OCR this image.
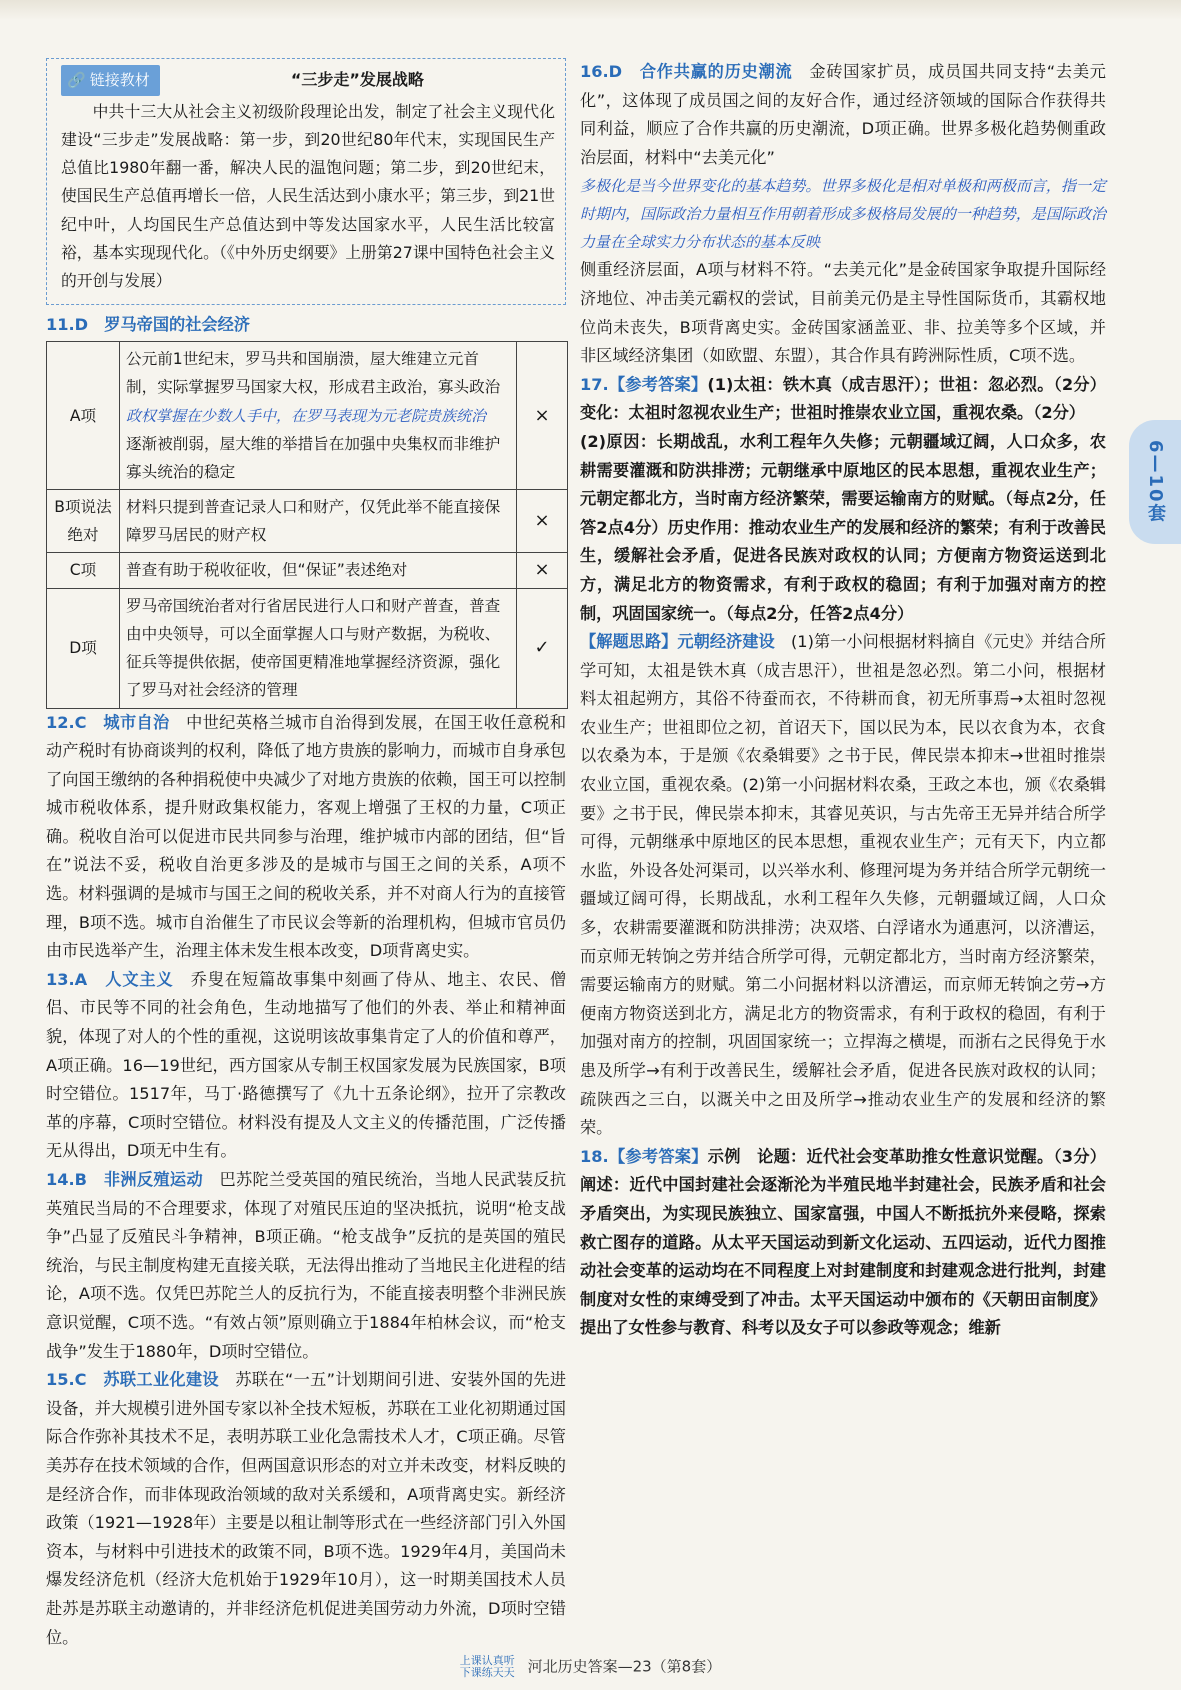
🔗 链接教材	“三步走”发展战略

中共十三大从社会主义初级阶段理论出发，制定了社会主义现代化建设“三步走”发展战略：第一步，到20世纪80年代末，实现国民生产总值比1980年翻一番，解决人民的温饱问题；第二步，到20世纪末，使国民生产总值再增长一倍，人民生活达到小康水平；第三步，到21世纪中叶，人均国民生产总值达到中等发达国家水平，人民生活比较富裕，基本实现现代化。（《中外历史纲要》上册第27课中国特色社会主义的开创与发展）

11.D　罗马帝国的社会经济
A项	公元前1世纪末，罗马共和国崩溃，屋大维建立元首制，实际掌握罗马国家大权，形成君主政治，寡头政治
政权掌握在少数人手中，在罗马表现为元老院贵族统治
逐渐被削弱，屋大维的举措旨在加强中央集权而非维护寡头统治的稳定	×
B项说法绝对	材料只提到普查记录人口和财产，仅凭此举不能直接保障罗马居民的财产权	×
C项	普查有助于税收征收，但“保证”表述绝对	×
D项	罗马帝国统治者对行省居民进行人口和财产普查，普查由中央领导，可以全面掌握人口与财产数据，为税收、征兵等提供依据，使帝国更精准地掌握经济资源，强化了罗马对社会经济的管理	✓

12.C　城市自治　 中世纪英格兰城市自治得到发展，在国王收任意税和动产税时有协商谈判的权利，降低了地方贵族的影响力，而城市自身承包了向国王缴纳的各种捐税使中央减少了对地方贵族的依赖，国王可以控制城市税收体系，提升财政集权能力，客观上增强了王权的力量，C项正确。税收自治可以促进市民共同参与治理，维护城市内部的团结，但“旨在”说法不妥，税收自治更多涉及的是城市与国王之间的关系，A项不选。材料强调的是城市与国王之间的税收关系，并不对商人行为的直接管理，B项不选。城市自治催生了市民议会等新的治理机构，但城市官员仍由市民选举产生，治理主体未发生根本改变，D项背离史实。

13.A　人文主义　 乔叟在短篇故事集中刻画了侍从、地主、农民、僧侣、市民等不同的社会角色，生动地描写了他们的外表、举止和精神面貌，体现了对人的个性的重视，这说明该故事集肯定了人的价值和尊严，A项正确。16—19世纪，西方国家从专制王权国家发展为民族国家，B项时空错位。1517年，马丁·路德撰写了《九十五条论纲》，拉开了宗教改革的序幕，C项时空错位。材料没有提及人文主义的传播范围，广泛传播无从得出，D项无中生有。

14.B　非洲反殖运动　 巴苏陀兰受英国的殖民统治，当地人民武装反抗英殖民当局的不合理要求，体现了对殖民压迫的坚决抵抗，说明“枪支战争”凸显了反殖民斗争精神，B项正确。“枪支战争”反抗的是英国的殖民统治，与民主制度构建无直接关联，无法得出推动了当地民主化进程的结论，A项不选。仅凭巴苏陀兰人的反抗行为，不能直接表明整个非洲民族意识觉醒，C项不选。“有效占领”原则确立于1884年柏林会议，而“枪支战争”发生于1880年，D项时空错位。

15.C　苏联工业化建设　 苏联在“一五”计划期间引进、安装外国的先进设备，并大规模引进外国专家以补全技术短板，苏联在工业化初期通过国际合作弥补其技术不足，表明苏联工业化急需技术人才，C项正确。尽管美苏存在技术领域的合作，但两国意识形态的对立并未改变，材料反映的是经济合作，而非体现政治领域的敌对关系缓和，A项背离史实。新经济政策（1921—1928年）主要是以租让制等形式在一些经济部门引入外国资本，与材料中引进技术的政策不同，B项不选。1929年4月，美国尚未爆发经济危机（经济大危机始于1929年10月），这一时期美国技术人员赴苏是苏联主动邀请的，并非经济危机促进美国劳动力外流，D项时空错位。

16.D　合作共赢的历史潮流　 金砖国家扩员，成员国共同支持“去美元化”，这体现了成员国之间的友好合作，通过经济领域的国际合作获得共同利益，顺应了合作共赢的历史潮流，D项正确。世界多极化趋势侧重政治层面，材料中“去美元化”

多极化是当今世界变化的基本趋势。世界多极化是相对单极和两极而言，指一定时期内，国际政治力量相互作用朝着形成多极格局发展的一种趋势，是国际政治力量在全球实力分布状态的基本反映

侧重经济层面，A项与材料不符。“去美元化”是金砖国家争取提升国际经济地位、冲击美元霸权的尝试，目前美元仍是主导性国际货币，其霸权地位尚未丧失，B项背离史实。金砖国家涵盖亚、非、拉美等多个区域，并非区域经济集团（如欧盟、东盟），其合作具有跨洲际性质，C项不选。

17.【参考答案】(1)太祖：铁木真（成吉思汗）；世祖：忽必烈。（2分）变化：太祖时忽视农业生产；世祖时推崇农业立国，重视农桑。（2分）

(2)原因：长期战乱，水利工程年久失修；元朝疆域辽阔，人口众多，农耕需要灌溉和防洪排涝；元朝继承中原地区的民本思想，重视农业生产；元朝定都北方，当时南方经济繁荣，需要运输南方的财赋。（每点2分，任答2点4分）历史作用：推动农业生产的发展和经济的繁荣；有利于改善民生，缓解社会矛盾，促进各民族对政权的认同；方便南方物资运送到北方，满足北方的物资需求，有利于政权的稳固；有利于加强对南方的控制，巩固国家统一。（每点2分，任答2点4分）

【解题思路】元朝经济建设　 (1)第一小问根据材料摘自《元史》并结合所学可知，太祖是铁木真（成吉思汗），世祖是忽必烈。第二小问，根据材料太祖起朔方，其俗不待蚕而衣，不待耕而食，初无所事焉→太祖时忽视农业生产；世祖即位之初，首诏天下，国以民为本，民以衣食为本，衣食以农桑为本，于是颁《农桑辑要》之书于民，俾民崇本抑末→世祖时推崇农业立国，重视农桑。(2)第一小问据材料农桑，王政之本也，颁《农桑辑要》之书于民，俾民崇本抑末，其睿见英识，与古先帝王无异并结合所学可得，元朝继承中原地区的民本思想，重视农业生产；元有天下，内立都水监，外设各处河渠司，以兴举水利、修理河堤为务并结合所学元朝统一疆域辽阔可得，长期战乱，水利工程年久失修，元朝疆域辽阔，人口众多，农耕需要灌溉和防洪排涝；决双塔、白浮诸水为通惠河，以济漕运，而京师无转饷之劳并结合所学可得，元朝定都北方，当时南方经济繁荣，需要运输南方的财赋。第二小问据材料以济漕运，而京师无转饷之劳→方便南方物资送到北方，满足北方的物资需求，有利于政权的稳固，有利于加强对南方的控制，巩固国家统一；立捍海之横堤，而浙右之民得免于水患及所学→有利于改善民生，缓解社会矛盾，促进各民族对政权的认同；疏陕西之三白，以溉关中之田及所学→推动农业生产的发展和经济的繁荣。

18.【参考答案】示例　论题：近代社会变革助推女性意识觉醒。（3分）阐述：近代中国封建社会逐渐沦为半殖民地半封建社会，民族矛盾和社会矛盾突出，为实现民族独立、国家富强，中国人不断抵抗外来侵略，探索救亡图存的道路。从太平天国运动到新文化运动、五四运动，近代力图推动社会变革的运动均在不同程度上对封建制度和封建观念进行批判，封建制度对女性的束缚受到了冲击。太平天国运动中颁布的《天朝田亩制度》提出了女性参与教育、科考以及女子可以参政等观念；维新

6—10套
上课认真听
下课练天天 河北历史答案—23（第8套）
